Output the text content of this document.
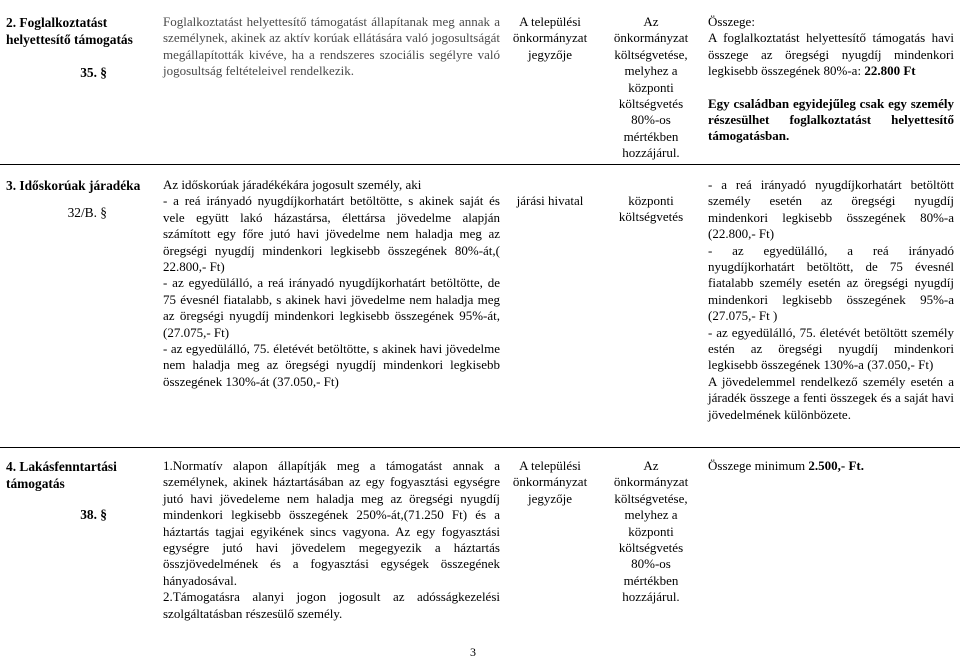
2. Foglalkoztatást
helyettesítő támogatás
35. §
Foglalkoztatást helyettesítő támogatást állapítanak meg annak a személynek, akinek az aktív korúak ellátására való jogosultságát megállapították kivéve, ha a rendszeres szociális segélyre való jogosultság feltételeivel rendelkezik.
A települési önkormányzat jegyzője
Az önkormányzat költségvetése, melyhez a központi költségvetés 80%-os mértékben hozzájárul.
Összege:
A foglalkoztatást helyettesítő támogatás havi összege az öregségi nyugdíj mindenkori legkisebb összegének 80%-a: 22.800 Ft
Egy családban egyidejűleg csak egy személy részesülhet foglalkoztatást helyettesítő támogatásban.
3. Időskorúak járadéka
32/B. §
Az időskorúak járadékékára jogosult személy, aki
- a reá irányadó nyugdíjkorhatárt betöltötte, s akinek saját és vele együtt lakó házastársa, élettársa jövedelme alapján számított egy főre jutó havi jövedelme nem haladja meg az öregségi nyugdíj mindenkori legkisebb összegének 80%-át,( 22.800,- Ft)
- az egyedülálló, a reá irányadó nyugdíjkorhatárt betöltötte, de 75 évesnél fiatalabb, s akinek havi jövedelme nem haladja meg az öregségi nyugdíj mindenkori legkisebb összegének 95%-át, (27.075,- Ft)
- az egyedülálló, 75. életévét betöltötte, s akinek havi jövedelme nem haladja meg az öregségi nyugdíj mindenkori legkisebb összegének 130%-át (37.050,- Ft)
járási hivatal	központi költségvetés
- a reá irányadó nyugdíjkorhatárt betöltött személy esetén az öregségi nyugdíj mindenkori legkisebb összegének 80%-a (22.800,- Ft)
- az egyedülálló, a reá irányadó nyugdíjkorhatárt betöltött, de 75 évesnél fiatalabb személy esetén az öregségi nyugdíj mindenkori legkisebb összegének 95%-a (27.075,- Ft )
- az egyedülálló, 75. életévét betöltött személy estén az öregségi nyugdíj mindenkori legkisebb összegének 130%-a (37.050,- Ft)
A jövedelemmel rendelkező személy esetén a járadék összege a fenti összegek és a saját havi jövedelmének különbözete.
4. Lakásfenntartási
támogatás
38. §
1.Normatív alapon állapítják meg a támogatást annak a személynek, akinek háztartásában az egy fogyasztási egységre jutó havi jövedeleme nem haladja meg az öregségi nyugdíj mindenkori legkisebb összegének 250%-át,(71.250 Ft) és a háztartás tagjai egyikének sincs vagyona. Az egy fogyasztási egységre jutó havi jövedelem megegyezik a háztartás összjövedelmének és a fogyasztási egységek összegének hányadosával.
2.Támogatásra alanyi jogon jogosult az adósságkezelési szolgáltatásban részesülő személy.
A települési önkormányzat jegyzője
Az önkormányzat költségvetése, melyhez a központi költségvetés 80%-os mértékben hozzájárul.
Összege minimum 2.500,- Ft.
3
